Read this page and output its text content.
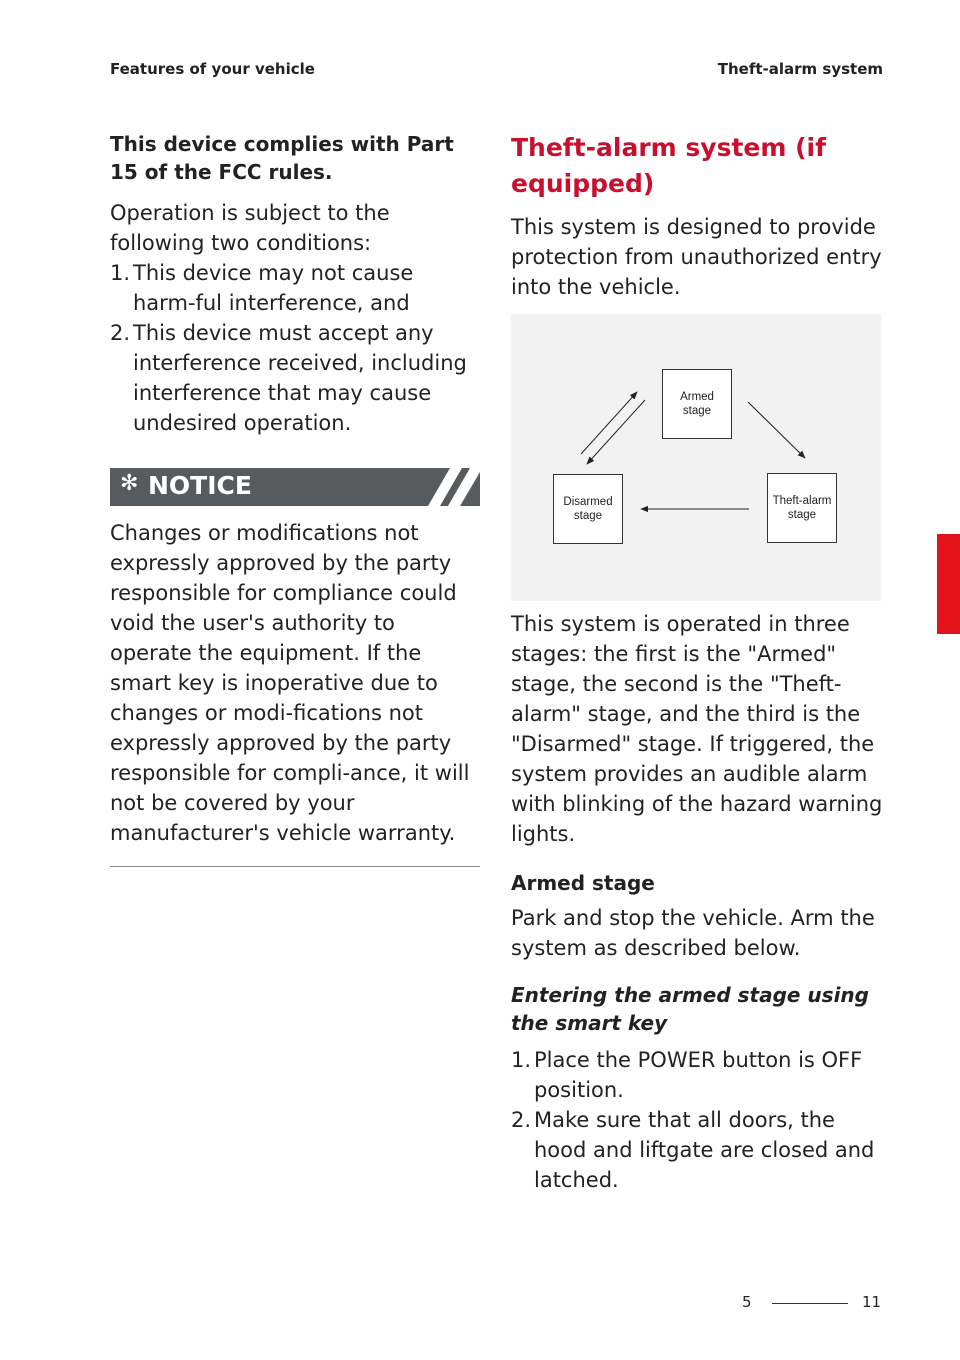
Features of your vehicle	Theft-alarm system

This device complies with Part 15 of the FCC rules.

Operation is subject to the following two conditions:

1. This device may not cause harm-ful interference, and
2. This device must accept any interference received, including interference that may cause undesired operation.
✻ NOTICE

Changes or modifications not expressly approved by the party responsible for compliance could void the user's authority to operate the equipment. If the smart key is inoperative due to changes or modi-fications not expressly approved by the party responsible for compli-ance, it will not be covered by your manufacturer's vehicle warranty.

Theft-alarm system (if equipped)

This system is designed to provide protection from unauthorized entry into the vehicle.

Armed
stage
Disarmed
stage
Theft-alarm
stage

This system is operated in three stages: the first is the "Armed" stage, the second is the "Theft-alarm" stage, and the third is the "Disarmed" stage. If triggered, the system provides an audible alarm with blinking of the hazard warning lights.

Armed stage

Park and stop the vehicle. Arm the system as described below.

Entering the armed stage using the smart key
1. Place the POWER button is OFF position.
2. Make sure that all doors, the hood and liftgate are closed and latched.
5
5	11
